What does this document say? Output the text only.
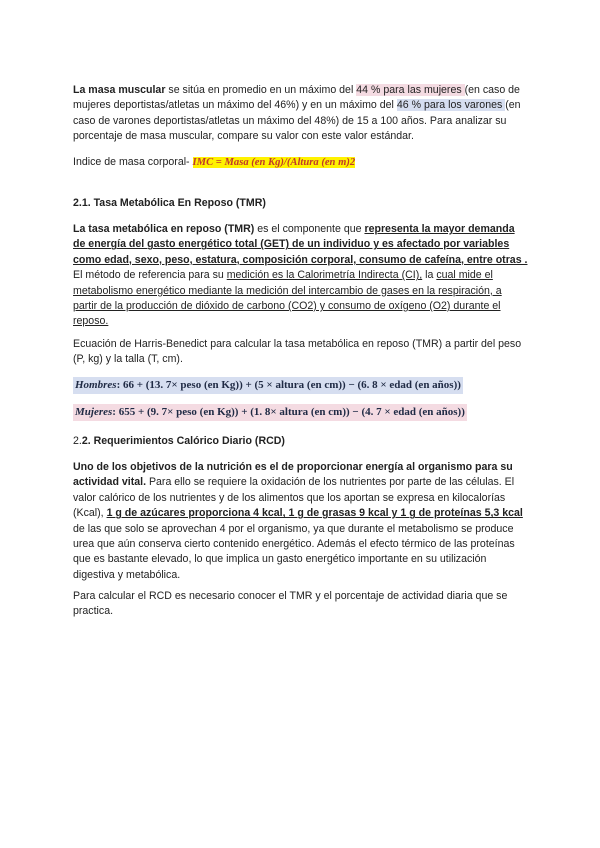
La masa muscular se sitúa en promedio en un máximo del 44 % para las mujeres (en caso de mujeres deportistas/atletas un máximo del 46%) y en un máximo del 46 % para los varones (en caso de varones deportistas/atletas un máximo del 48%) de 15 a 100 años. Para analizar su porcentaje de masa muscular, compare su valor con este valor estándar.

Indice de masa corporal- IMC = Masa (en Kg)/(Altura (en m)2

2.1. Tasa Metabólica En Reposo (TMR)

La tasa metabólica en reposo (TMR) es el componente que representa la mayor demanda de energía del gasto energético total (GET) de un individuo y es afectado por variables como edad, sexo, peso, estatura, composición corporal, consumo de cafeína, entre otras . El método de referencia para su medición es la Calorimetría Indirecta (CI), la cual mide el metabolismo energético mediante la medición del intercambio de gases en la respiración, a partir de la producción de dióxido de carbono (CO2) y consumo de oxígeno (O2) durante el reposo.

Ecuación de Harris-Benedict para calcular la tasa metabólica en reposo (TMR) a partir del peso (P, kg) y la talla (T, cm).

Hombres: 66 + (13. 7× peso (en Kg)) + (5 × altura (en cm)) − (6. 8 × edad (en años))
Mujeres: 655 + (9. 7× peso (en Kg)) + (1. 8× altura (en cm)) − (4. 7 × edad (en años))
2.2. Requerimientos Calórico Diario (RCD)

Uno de los objetivos de la nutrición es el de proporcionar energía al organismo para su actividad vital. Para ello se requiere la oxidación de los nutrientes por parte de las células. El valor calórico de los nutrientes y de los alimentos que los aportan se expresa en kilocalorías (Kcal), 1 g de azúcares proporciona 4 kcal, 1 g de grasas 9 kcal y 1 g de proteínas 5,3 kcal de las que solo se aprovechan 4 por el organismo, ya que durante el metabolismo se produce urea que aún conserva cierto contenido energético. Además el efecto térmico de las proteínas que es bastante elevado, lo que implica un gasto energético importante en su utilización digestiva y metabólica.

Para calcular el RCD es necesario conocer el TMR y el porcentaje de actividad diaria que se practica.
